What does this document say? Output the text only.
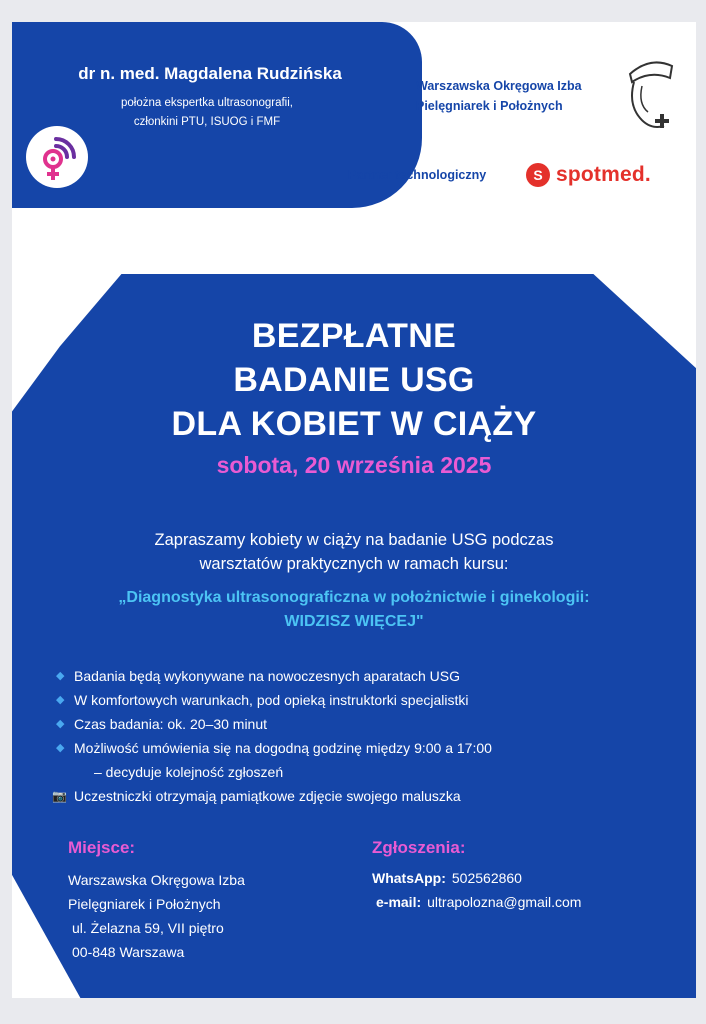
dr n. med. Magdalena Rudzińska
położna ekspertka ultrasonografii,
członkini PTU, ISUOG i FMF
Warszawska Okręgowa Izba
Pielęgniarek i Położnych
Partner technologiczny	S spotmed.
BEZPŁATNE
BADANIE USG
DLA KOBIET W CIĄŻY
sobota, 20 września 2025
Zapraszamy kobiety w ciąży na badanie USG podczas
warsztatów praktycznych w ramach kursu:
„Diagnostyka ultrasonograficzna w położnictwie i ginekologii:
WIDZISZ WIĘCEJ"
◆ Badania będą wykonywane na nowoczesnych aparatach USG
◆ W komfortowych warunkach, pod opieką instruktorki specjalistki
◆ Czas badania: ok. 20–30 minut
◆ Możliwość umówienia się na dogodną godzinę między 9:00 a 17:00
– decyduje kolejność zgłoszeń
📷 Uczestniczki otrzymają pamiątkowe zdjęcie swojego maluszka
Miejsce:
Warszawska Okręgowa Izba
Pielęgniarek i Położnych
ul. Żelazna 59, VII piętro
00-848 Warszawa
Zgłoszenia:
WhatsApp: 502562860
e-mail: ultrapolozna@gmail.com
